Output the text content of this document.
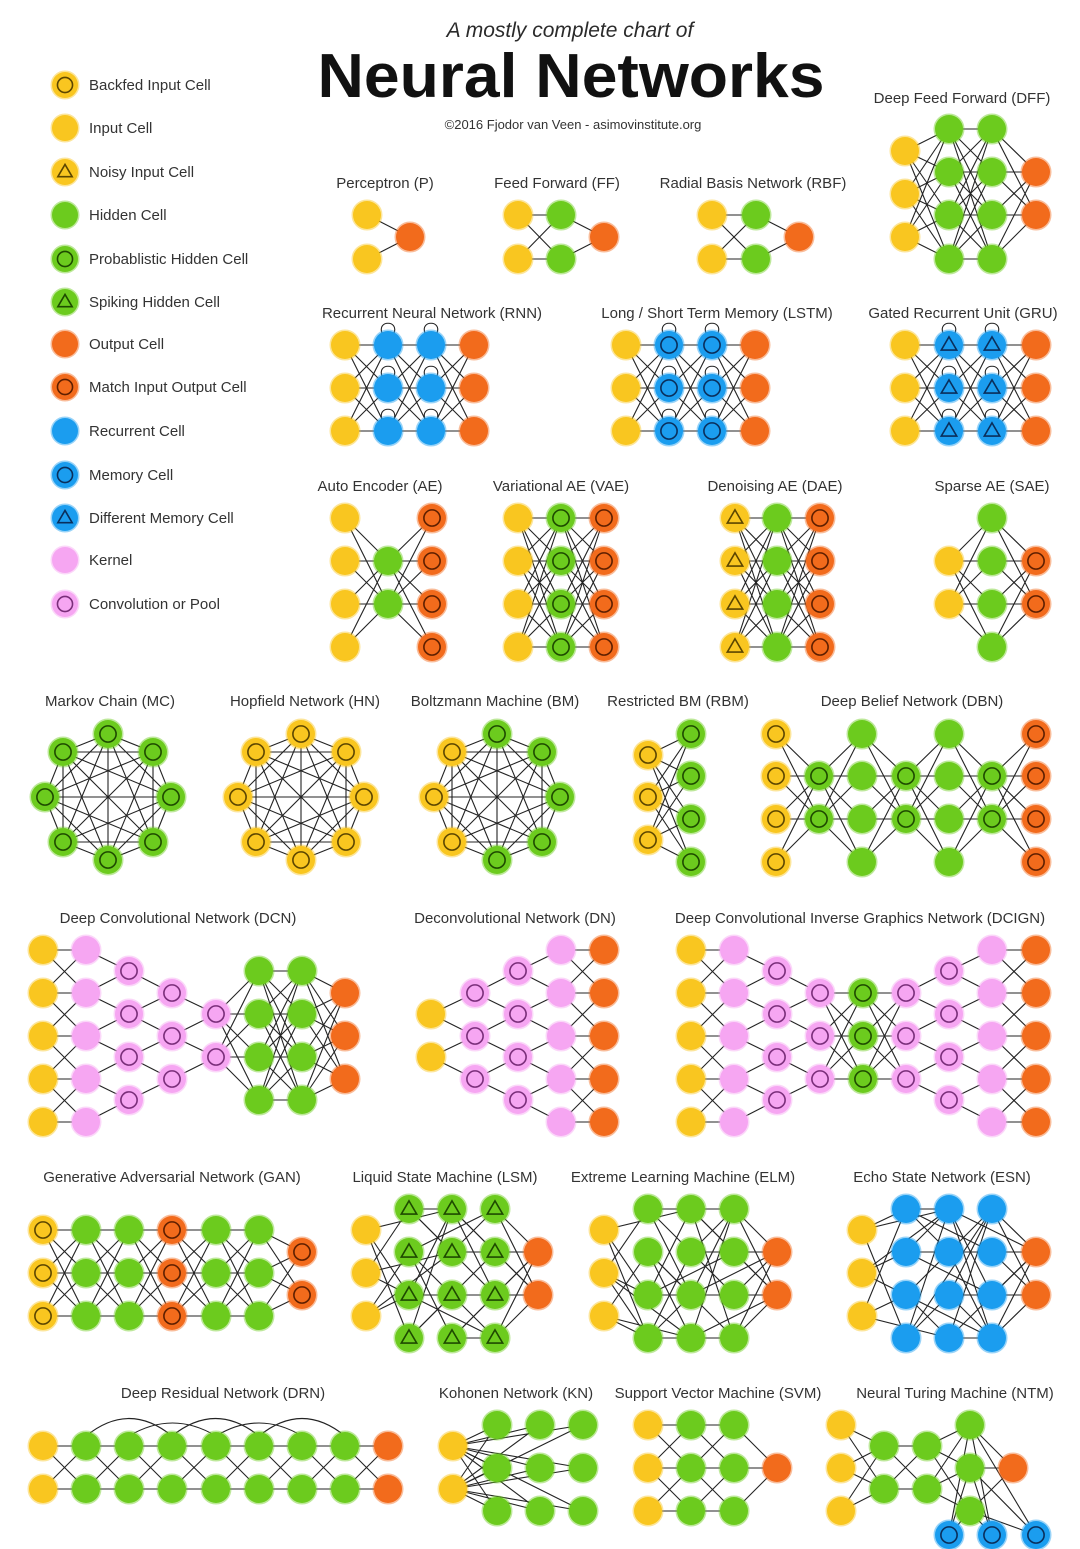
A mostly complete chart of
Neural Networks
©2016 Fjodor van Veen - asimovinstitute.org
Backfed Input Cell
Input Cell
Noisy Input Cell
Hidden Cell
Probablistic Hidden Cell
Spiking Hidden Cell
Output Cell
Match Input Output Cell
Recurrent Cell
Memory Cell
Different Memory Cell
Kernel
Convolution or Pool
Perceptron (P)	Feed Forward (FF)	Radial Basis Network (RBF)
Deep Feed Forward (DFF)
Recurrent Neural Network (RNN)	Long / Short Term Memory (LSTM) Gated Recurrent Unit (GRU)
Auto Encoder (AE)	Variational AE (VAE)	Denoising AE (DAE)	Sparse AE (SAE)
Markov Chain (MC)	Hopfield Network (HN) Boltzmann Machine (BM) Restricted BM (RBM)	Deep Belief Network (DBN)
Deep Convolutional Network (DCN)	Deconvolutional Network (DN)	Deep Convolutional Inverse Graphics Network (DCIGN)
Generative Adversarial Network (GAN)	Liquid State Machine (LSM) Extreme Learning Machine (ELM)	Echo State Network (ESN)
Deep Residual Network (DRN)	Kohonen Network (KN) Support Vector Machine (SVM) Neural Turing Machine (NTM)
